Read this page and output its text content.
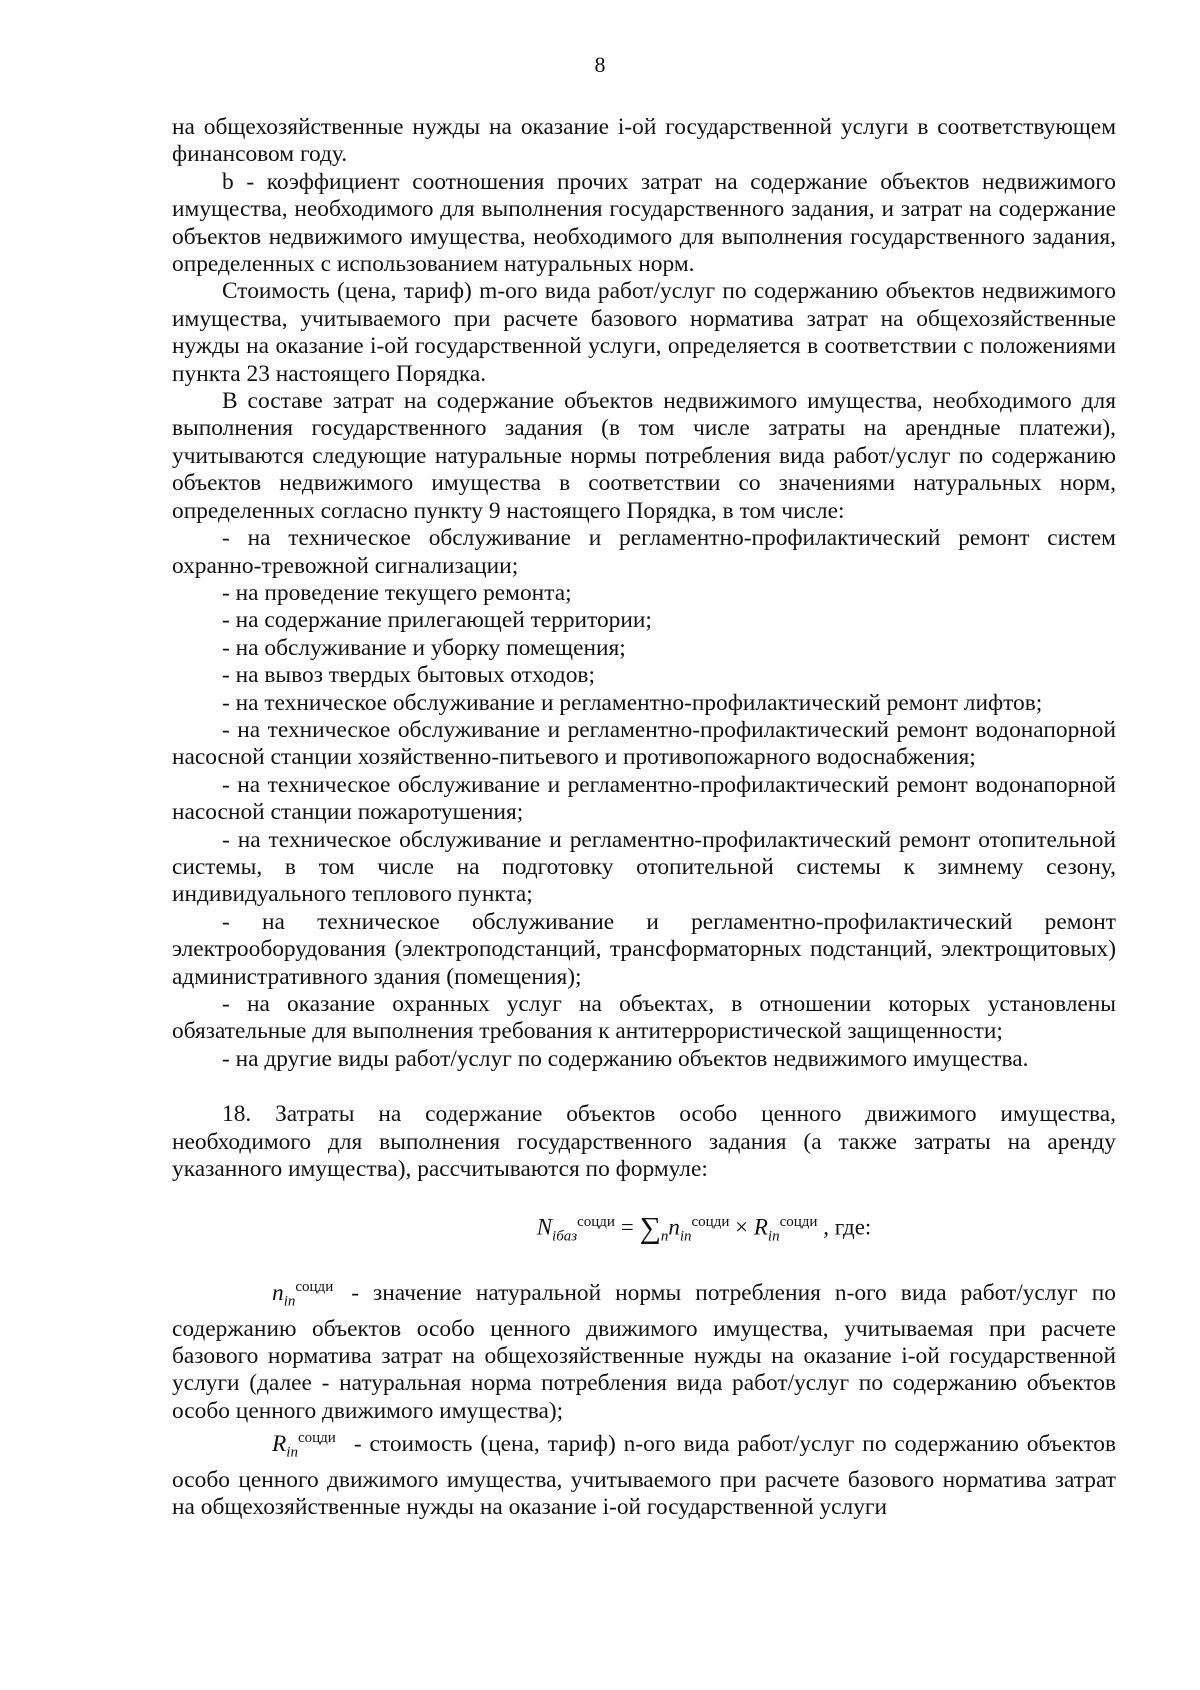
8

на общехозяйственные нужды на оказание i-ой государственной услуги в соответствующем финансовом году.

b - коэффициент соотношения прочих затрат на содержание объектов недвижимого имущества, необходимого для выполнения государственного задания, и затрат на содержание объектов недвижимого имущества, необходимого для выполнения государственного задания, определенных с использованием натуральных норм.

Стоимость (цена, тариф) m-ого вида работ/услуг по содержанию объектов недвижимого имущества, учитываемого при расчете базового норматива затрат на общехозяйственные нужды на оказание i-ой государственной услуги, определяется в соответствии с положениями пункта 23 настоящего Порядка.

В составе затрат на содержание объектов недвижимого имущества, необходимого для выполнения государственного задания (в том числе затраты на арендные платежи), учитываются следующие натуральные нормы потребления вида работ/услуг по содержанию объектов недвижимого имущества в соответствии со значениями натуральных норм, определенных согласно пункту 9 настоящего Порядка, в том числе:

- на техническое обслуживание и регламентно-профилактический ремонт систем охранно-тревожной сигнализации;

- на проведение текущего ремонта;

- на содержание прилегающей территории;

- на обслуживание и уборку помещения;

- на вывоз твердых бытовых отходов;

- на техническое обслуживание и регламентно-профилактический ремонт лифтов;

- на техническое обслуживание и регламентно-профилактический ремонт водонапорной насосной станции хозяйственно-питьевого и противопожарного водоснабжения;

- на техническое обслуживание и регламентно-профилактический ремонт водонапорной насосной станции пожаротушения;

- на техническое обслуживание и регламентно-профилактический ремонт отопительной системы, в том числе на подготовку отопительной системы к зимнему сезону, индивидуального теплового пункта;

- на техническое обслуживание и регламентно-профилактический ремонт электрооборудования (электроподстанций, трансформаторных подстанций, электрощитовых) административного здания (помещения);

- на оказание охранных услуг на объектах, в отношении которых установлены обязательные для выполнения требования к антитеррористической защищенности;

- на другие виды работ/услуг по содержанию объектов недвижимого имущества.

18. Затраты на содержание объектов особо ценного движимого имущества, необходимого для выполнения государственного задания (а также затраты на аренду указанного имущества), рассчитываются по формуле:

$N_{iбаз}^{соцди} = \sum_nn_{in}^{соцди} \times R_{in}^{соцди}$ , где:

$n_{in}^{соцди}$ - значение натуральной нормы потребления n-ого вида работ/услуг по содержанию объектов особо ценного движимого имущества, учитываемая при расчете базового норматива затрат на общехозяйственные нужды на оказание i-ой государственной услуги (далее - натуральная норма потребления вида работ/услуг по содержанию объектов особо ценного движимого имущества);

$R_{in}^{соцди}$ - стоимость (цена, тариф) n-ого вида работ/услуг по содержанию объектов особо ценного движимого имущества, учитываемого при расчете базового норматива затрат на общехозяйственные нужды на оказание i-ой государственной услуги
